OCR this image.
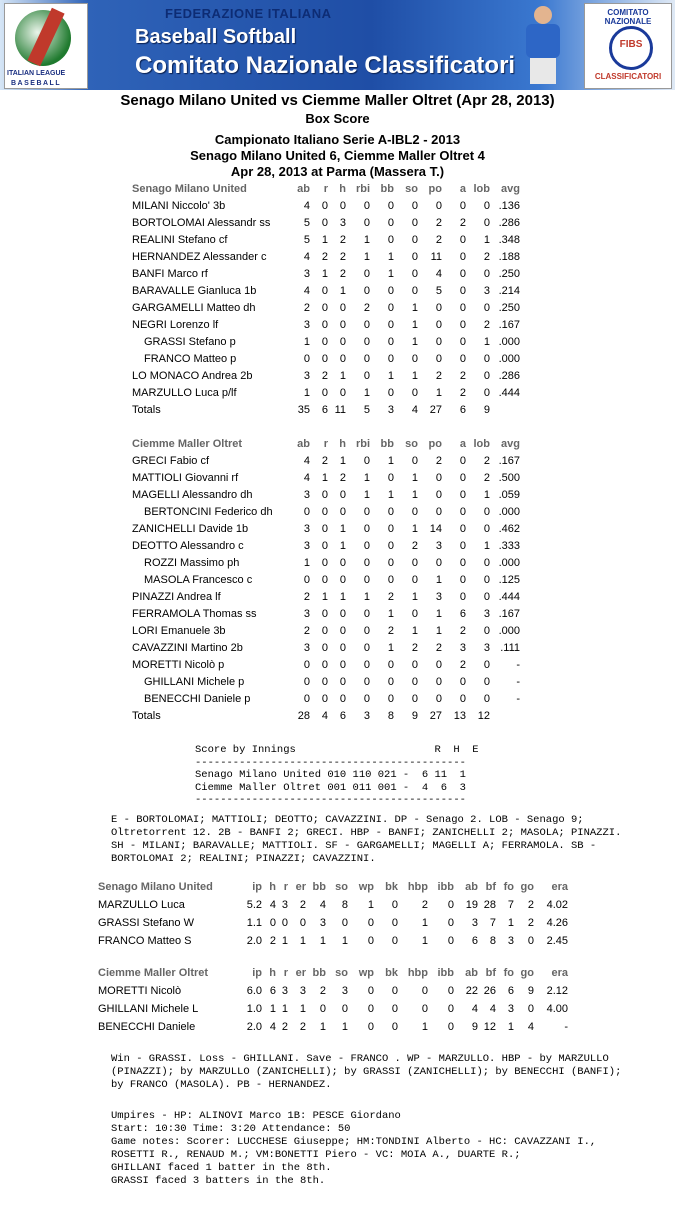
ITALIAN LEAGUE
BASEBALL
FEDERAZIONE ITALIANA
Baseball Softball
Comitato Nazionale Classificatori
COMITATO NAZIONALE
FIBS
CLASSIFICATORI
Senago Milano United vs Ciemme Maller Oltret (Apr 28, 2013)
Box Score
Campionato Italiano Serie A-IBL2 - 2013
Senago Milano United 6, Ciemme Maller Oltret 4
Apr 28, 2013 at Parma (Massera T.)
Senago Milano United	ab	r	h	rbi	bb	so	po	a	lob	avg
MILANI Niccolo' 3b	4	0	0	0	0	0	0	0	0	.136
BORTOLOMAI Alessandr ss	5	0	3	0	0	0	2	2	0	.286
REALINI Stefano cf	5	1	2	1	0	0	2	0	1	.348
HERNANDEZ Alessander c	4	2	2	1	1	0	11	0	2	.188
BANFI Marco rf	3	1	2	0	1	0	4	0	0	.250
BARAVALLE Gianluca 1b	4	0	1	0	0	0	5	0	3	.214
GARGAMELLI Matteo dh	2	0	0	2	0	1	0	0	0	.250
NEGRI Lorenzo lf	3	0	0	0	0	1	0	0	2	.167
GRASSI Stefano p	1	0	0	0	0	1	0	0	1	.000
FRANCO Matteo p	0	0	0	0	0	0	0	0	0	.000
LO MONACO Andrea 2b	3	2	1	0	1	1	2	2	0	.286
MARZULLO Luca p/lf	1	0	0	1	0	0	1	2	0	.444
Totals	35	6	11	5	3	4	27	6	9	
Ciemme Maller Oltret	ab	r	h	rbi	bb	so	po	a	lob	avg
GRECI Fabio cf	4	2	1	0	1	0	2	0	2	.167
MATTIOLI Giovanni rf	4	1	2	1	0	1	0	0	2	.500
MAGELLI Alessandro dh	3	0	0	1	1	1	0	0	1	.059
BERTONCINI Federico dh	0	0	0	0	0	0	0	0	0	.000
ZANICHELLI Davide 1b	3	0	1	0	0	1	14	0	0	.462
DEOTTO Alessandro c	3	0	1	0	0	2	3	0	1	.333
ROZZI Massimo ph	1	0	0	0	0	0	0	0	0	.000
MASOLA Francesco c	0	0	0	0	0	0	1	0	0	.125
PINAZZI Andrea lf	2	1	1	1	2	1	3	0	0	.444
FERRAMOLA Thomas ss	3	0	0	0	1	0	1	6	3	.167
LORI Emanuele 3b	2	0	0	0	2	1	1	2	0	.000
CAVAZZINI Martino 2b	3	0	0	0	1	2	2	3	3	.111
MORETTI Nicolò p	0	0	0	0	0	0	0	2	0	-
GHILLANI Michele p	0	0	0	0	0	0	0	0	0	-
BENECCHI Daniele p	0	0	0	0	0	0	0	0	0	-
Totals	28	4	6	3	8	9	27	13	12	
Score by Innings                      R  H  E
-------------------------------------------
Senago Milano United 010 110 021 -  6 11  1
Ciemme Maller Oltret 001 011 001 -  4  6  3
-------------------------------------------
E - BORTOLOMAI; MATTIOLI; DEOTTO; CAVAZZINI. DP - Senago 2. LOB - Senago 9; Oltretorrent 12. 2B - BANFI 2; GRECI. HBP - BANFI; ZANICHELLI 2; MASOLA; PINAZZI. SH - MILANI; BARAVALLE; MATTIOLI. SF - GARGAMELLI; MAGELLI A; FERRAMOLA. SB - BORTOLOMAI 2; REALINI; PINAZZI; CAVAZZINI.
Senago Milano United	ip	h	r	er	bb	so	wp	bk	hbp	ibb	ab	bf	fo	go	era
MARZULLO Luca	5.2	4	3	2	4	8	1	0	2	0	19	28	7	2	4.02
GRASSI Stefano W	1.1	0	0	0	3	0	0	0	1	0	3	7	1	2	4.26
FRANCO Matteo S	2.0	2	1	1	1	1	0	0	1	0	6	8	3	0	2.45
Ciemme Maller Oltret	ip	h	r	er	bb	so	wp	bk	hbp	ibb	ab	bf	fo	go	era
MORETTI Nicolò	6.0	6	3	3	2	3	0	0	0	0	22	26	6	9	2.12
GHILLANI Michele L	1.0	1	1	1	0	0	0	0	0	0	4	4	3	0	4.00
BENECCHI Daniele	2.0	4	2	2	1	1	0	0	1	0	9	12	1	4	-
Win - GRASSI. Loss - GHILLANI. Save - FRANCO . WP - MARZULLO. HBP - by MARZULLO (PINAZZI); by MARZULLO (ZANICHELLI); by GRASSI (ZANICHELLI); by BENECCHI (BANFI); by FRANCO (MASOLA). PB - HERNANDEZ.
Umpires - HP: ALINOVI Marco 1B: PESCE Giordano
Start: 10:30 Time: 3:20 Attendance: 50
Game notes: Scorer: LUCCHESE Giuseppe; HM:TONDINI Alberto - HC: CAVAZZANI I., ROSETTI R., RENAUD M.; VM:BONETTI Piero - VC: MOIA A., DUARTE R.;
GHILLANI faced 1 batter in the 8th.
GRASSI faced 3 batters in the 8th.
